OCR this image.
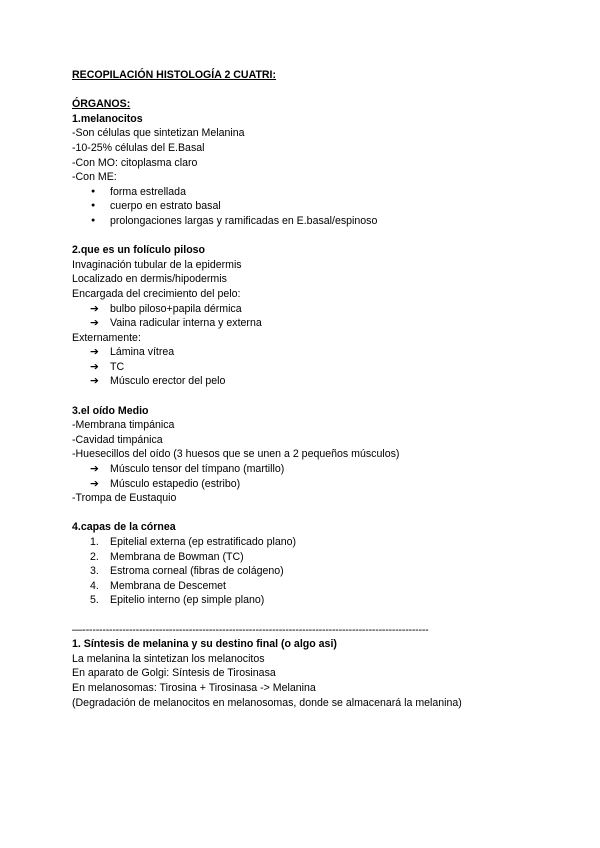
RECOPILACIÓN HISTOLOGÍA 2 CUATRI:

ÓRGANOS:

1.melanocitos

-Son células que sintetizan Melanina

-10-25% células del E.Basal

-Con MO: citoplasma claro

-Con ME:

● forma estrellada
● cuerpo en estrato basal
● prolongaciones largas y ramificadas en E.basal/espinoso

2.que es un folículo piloso

Invaginación tubular de la epidermis

Localizado en dermis/hipodermis

Encargada del crecimiento del pelo:

➔ bulbo piloso+papila dérmica
➔ Vaina radicular interna y externa

Externamente:

➔ Lámina vítrea
➔ TC
➔ Músculo erector del pelo

3.el oído Medio

-Membrana timpánica

-Cavidad timpánica

-Huesecillos del oído (3 huesos que se unen a 2 pequeños músculos)

➔ Músculo tensor del tímpano (martillo)
➔ Músculo estapedio (estribo)

-Trompa de Eustaquio

4.capas de la córnea

1. Epitelial externa (ep estratificado plano)
2. Membrana de Bowman (TC)
3. Estroma corneal (fibras de colágeno)
4. Membrana de Descemet
5. Epitelio interno (ep simple plano)

—--------------------------------------------------------------------------------------------------------

1. Síntesis de melanina y su destino final (o algo asi)

La melanina la sintetizan los melanocitos

En aparato de Golgi: Síntesis de Tirosinasa

En melanosomas: Tirosina + Tirosinasa -> Melanina

(Degradación de melanocitos en melanosomas, donde se almacenará la melanina)
